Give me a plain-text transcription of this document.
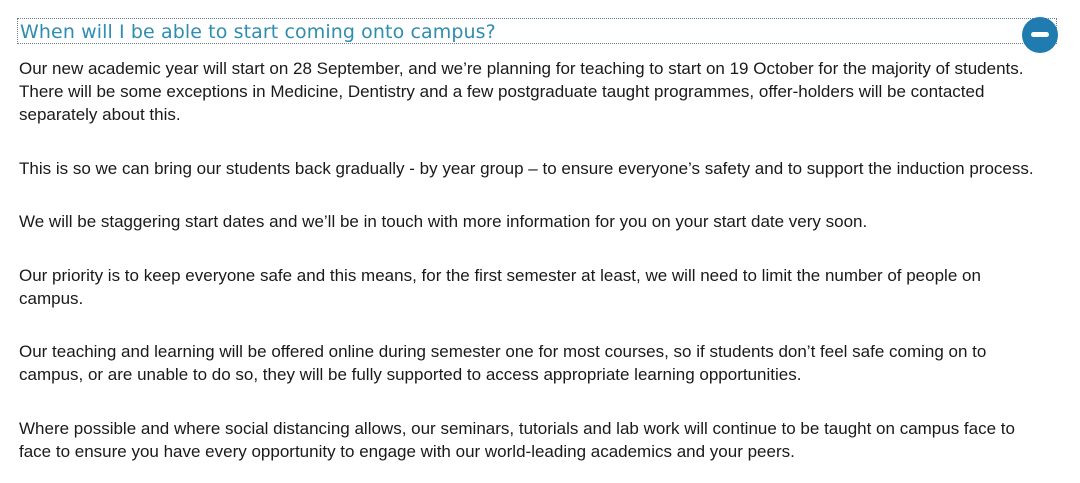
When will I be able to start coming onto campus?

Our new academic year will start on 28 September, and we’re planning for teaching to start on 19 October for the majority of students.
There will be some exceptions in Medicine, Dentistry and a few postgraduate taught programmes, offer-holders will be contacted
separately about this.

This is so we can bring our students back gradually - by year group – to ensure everyone’s safety and to support the induction process.

We will be staggering start dates and we’ll be in touch with more information for you on your start date very soon.

Our priority is to keep everyone safe and this means, for the first semester at least, we will need to limit the number of people on
campus.

Our teaching and learning will be offered online during semester one for most courses, so if students don’t feel safe coming on to
campus, or are unable to do so, they will be fully supported to access appropriate learning opportunities.

Where possible and where social distancing allows, our seminars, tutorials and lab work will continue to be taught on campus face to
face to ensure you have every opportunity to engage with our world-leading academics and your peers.
